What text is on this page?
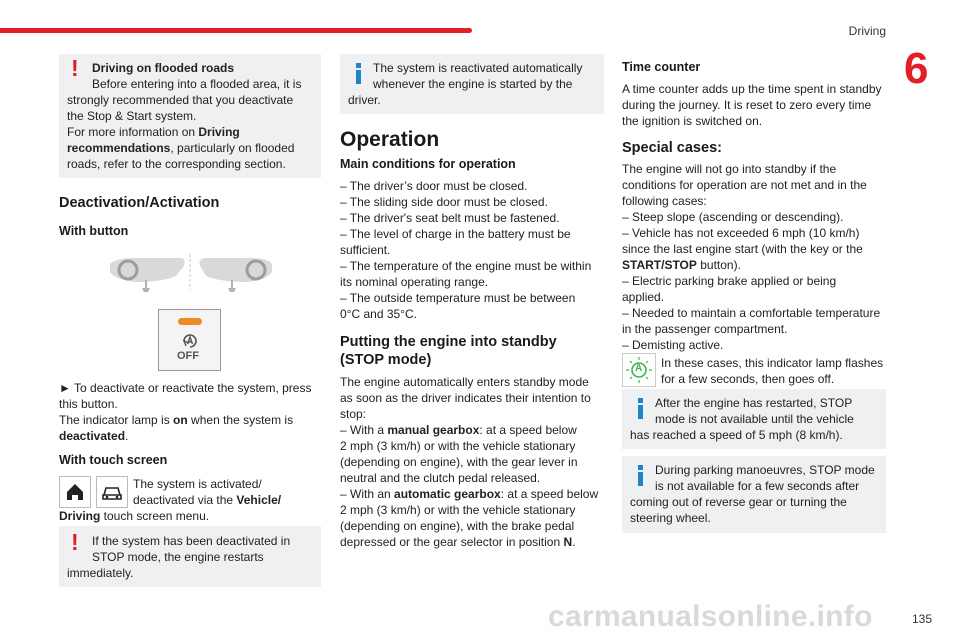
Driving
6
! Driving on flooded roads
Before entering into a flooded area, it is
strongly recommended that you deactivate
the Stop & Start system.
For more information on Driving
recommendations, particularly on flooded
roads, refer to the corresponding section.
Deactivation/Activation
With button
OFF
► To deactivate or reactivate the system, press
this button.
The indicator lamp is on when the system is
deactivated.
With touch screen
The system is activated/
deactivated via the Vehicle/
Driving touch screen menu.
! If the system has been deactivated in
STOP mode, the engine restarts
immediately.
The system is reactivated automatically
whenever the engine is started by the
driver.
Operation
Main conditions for operation
– The driver’s door must be closed.
– The sliding side door must be closed.
– The driver's seat belt must be fastened.
– The level of charge in the battery must be
sufficient.
– The temperature of the engine must be within
its nominal operating range.
– The outside temperature must be between
0°C and 35°C.
Putting the engine into standby
(STOP mode)
The engine automatically enters standby mode
as soon as the driver indicates their intention to
stop:
– With a manual gearbox: at a speed below
2 mph (3 km/h) or with the vehicle stationary
(depending on engine), with the gear lever in
neutral and the clutch pedal released.
– With an automatic gearbox: at a speed below
2 mph (3 km/h) or with the vehicle stationary
(depending on engine), with the brake pedal
depressed or the gear selector in position N.
Time counter
A time counter adds up the time spent in standby
during the journey. It is reset to zero every time
the ignition is switched on.
Special cases:
The engine will not go into standby if the
conditions for operation are not met and in the
following cases:
– Steep slope (ascending or descending).
– Vehicle has not exceeded 6 mph (10 km/h)
since the last engine start (with the key or the
START/STOP button).
– Electric parking brake applied or being
applied.
– Needed to maintain a comfortable temperature
in the passenger compartment.
– Demisting active.
A In these cases, this indicator lamp flashes
for a few seconds, then goes off.
After the engine has restarted, STOP
mode is not available until the vehicle
has reached a speed of 5 mph (8 km/h).
During parking manoeuvres, STOP mode
is not available for a few seconds after
coming out of reverse gear or turning the
steering wheel.
carmanualsonline.info	135
